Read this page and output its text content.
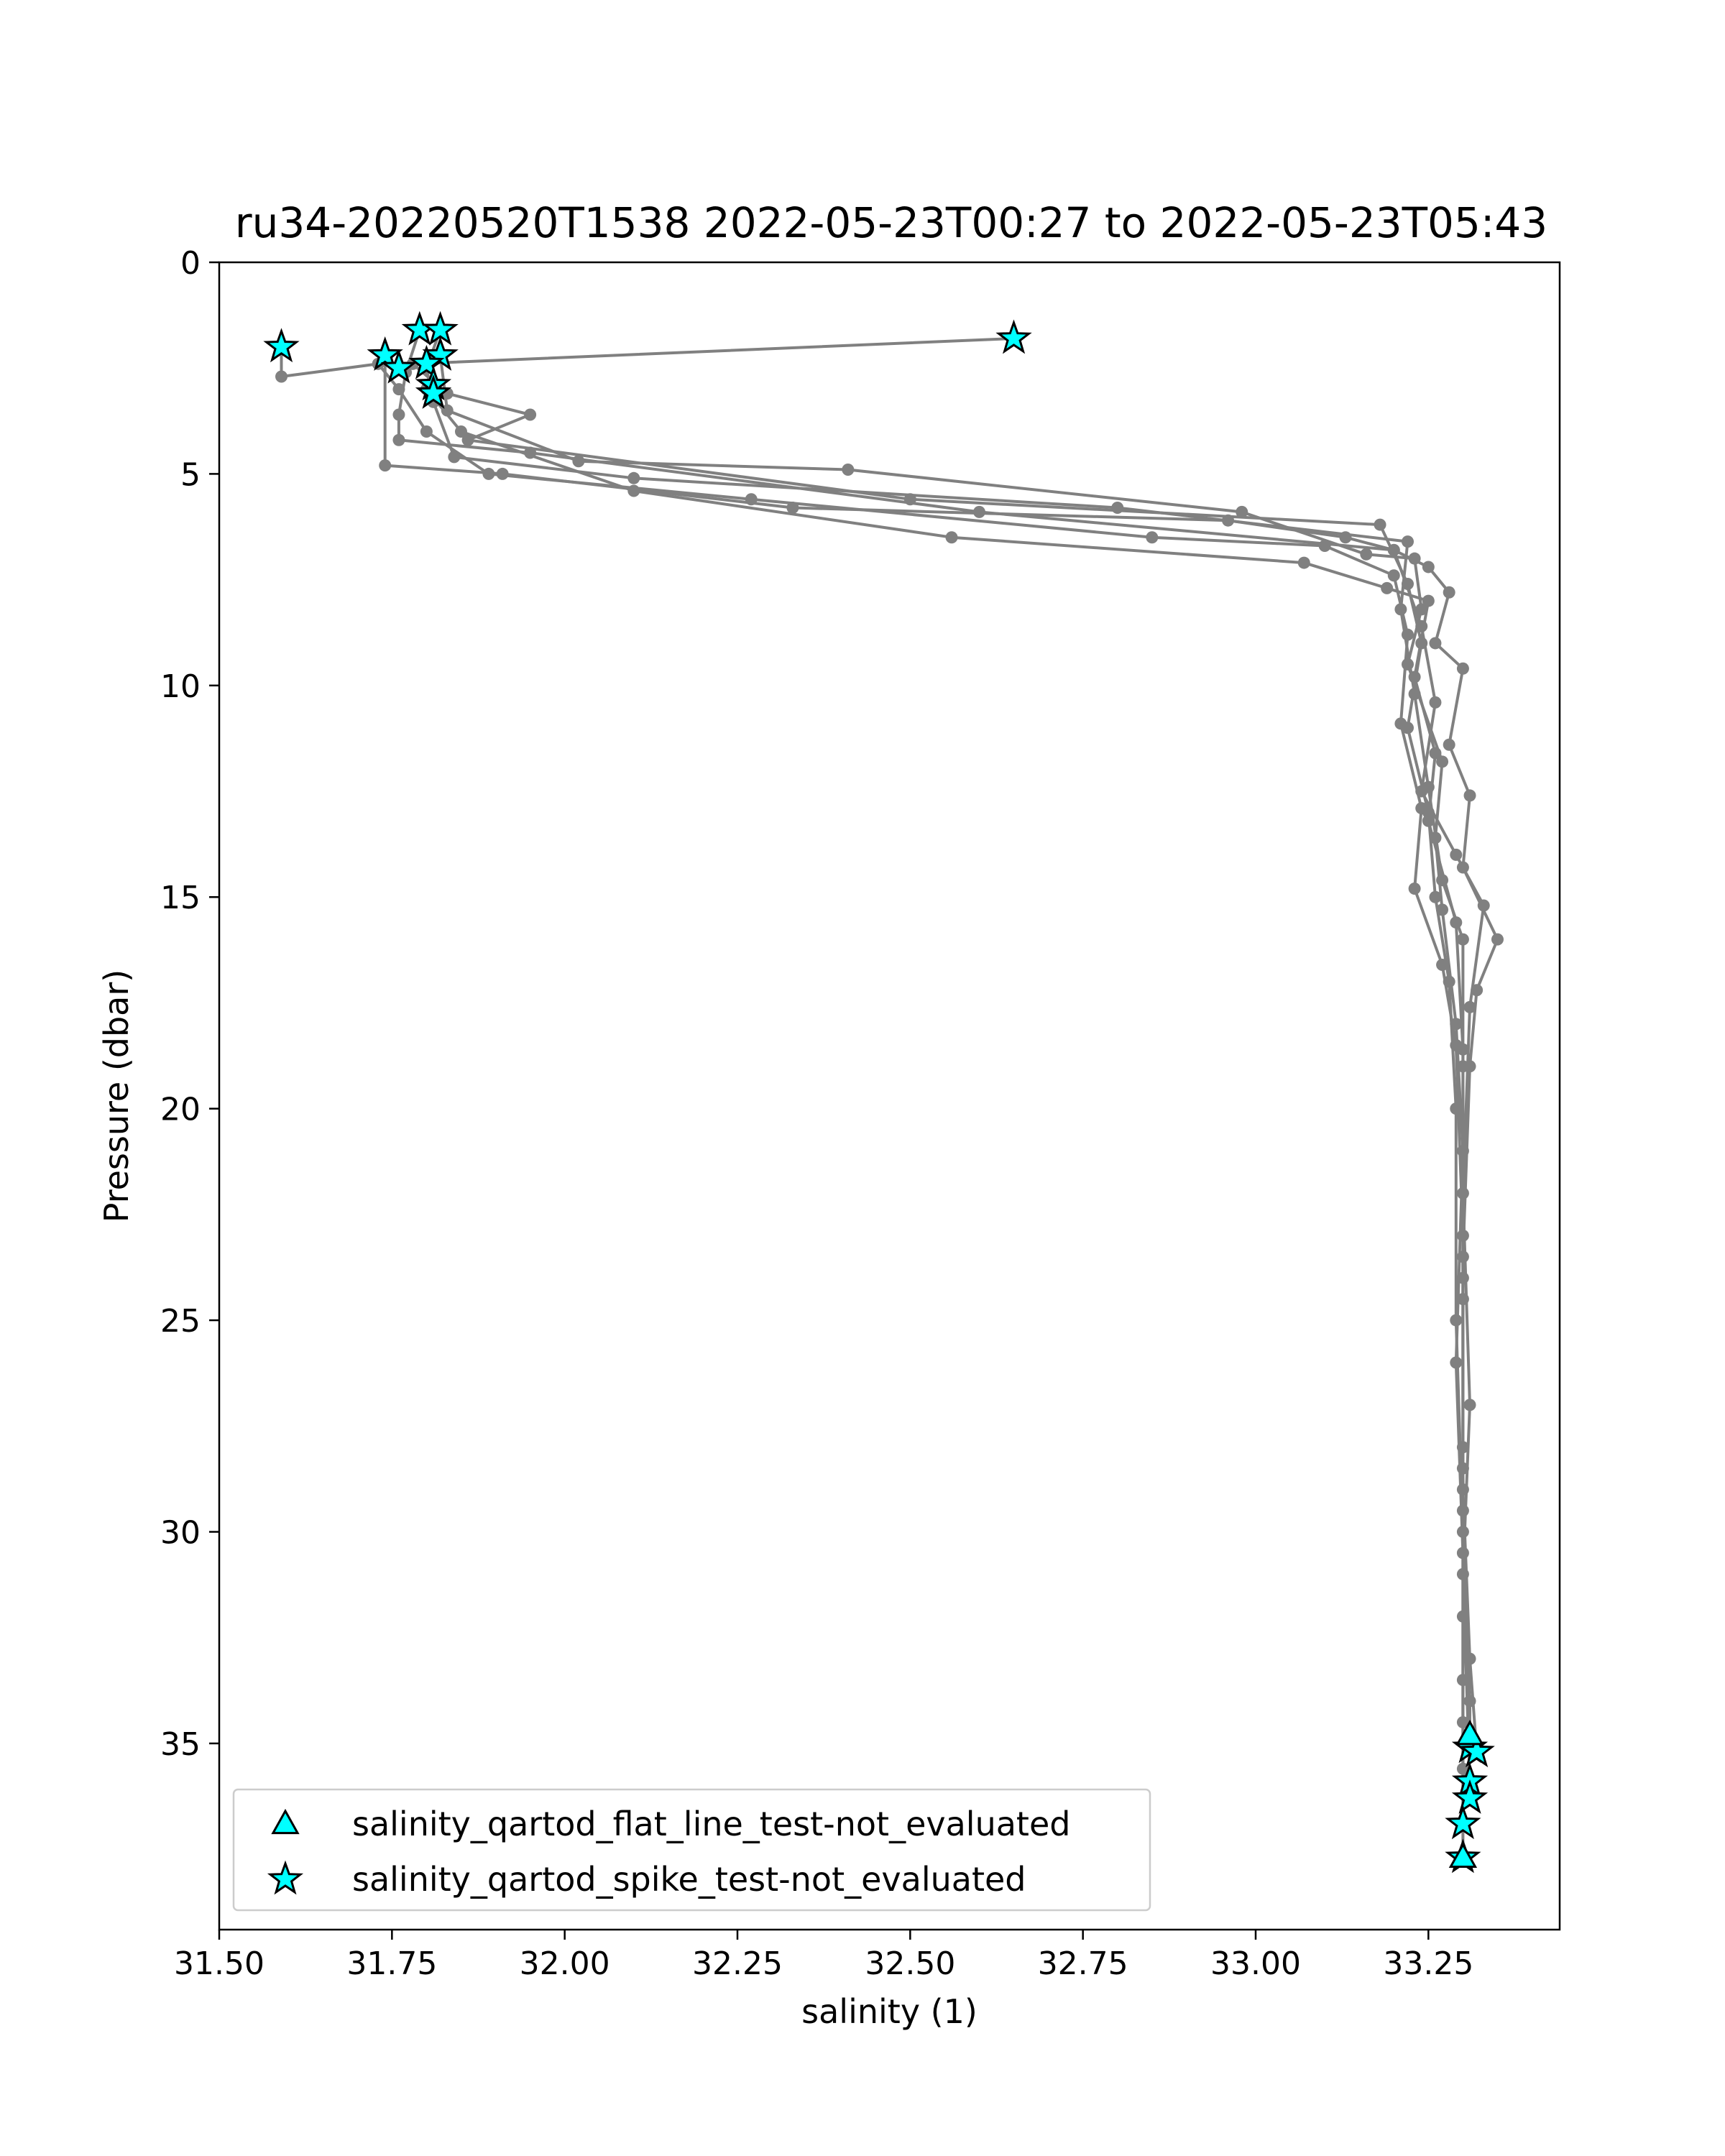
ru34-20220520T1538 2022-05-23T00:27 to 2022-05-23T05:43
31.50	31.75	32.00	32.25	32.50	32.75	33.00	33.25
0
5
10
15
20
25
30
35
salinity (1)
Pressure (dbar)
salinity_qartod_flat_line_test-not_evaluated
salinity_qartod_spike_test-not_evaluated
